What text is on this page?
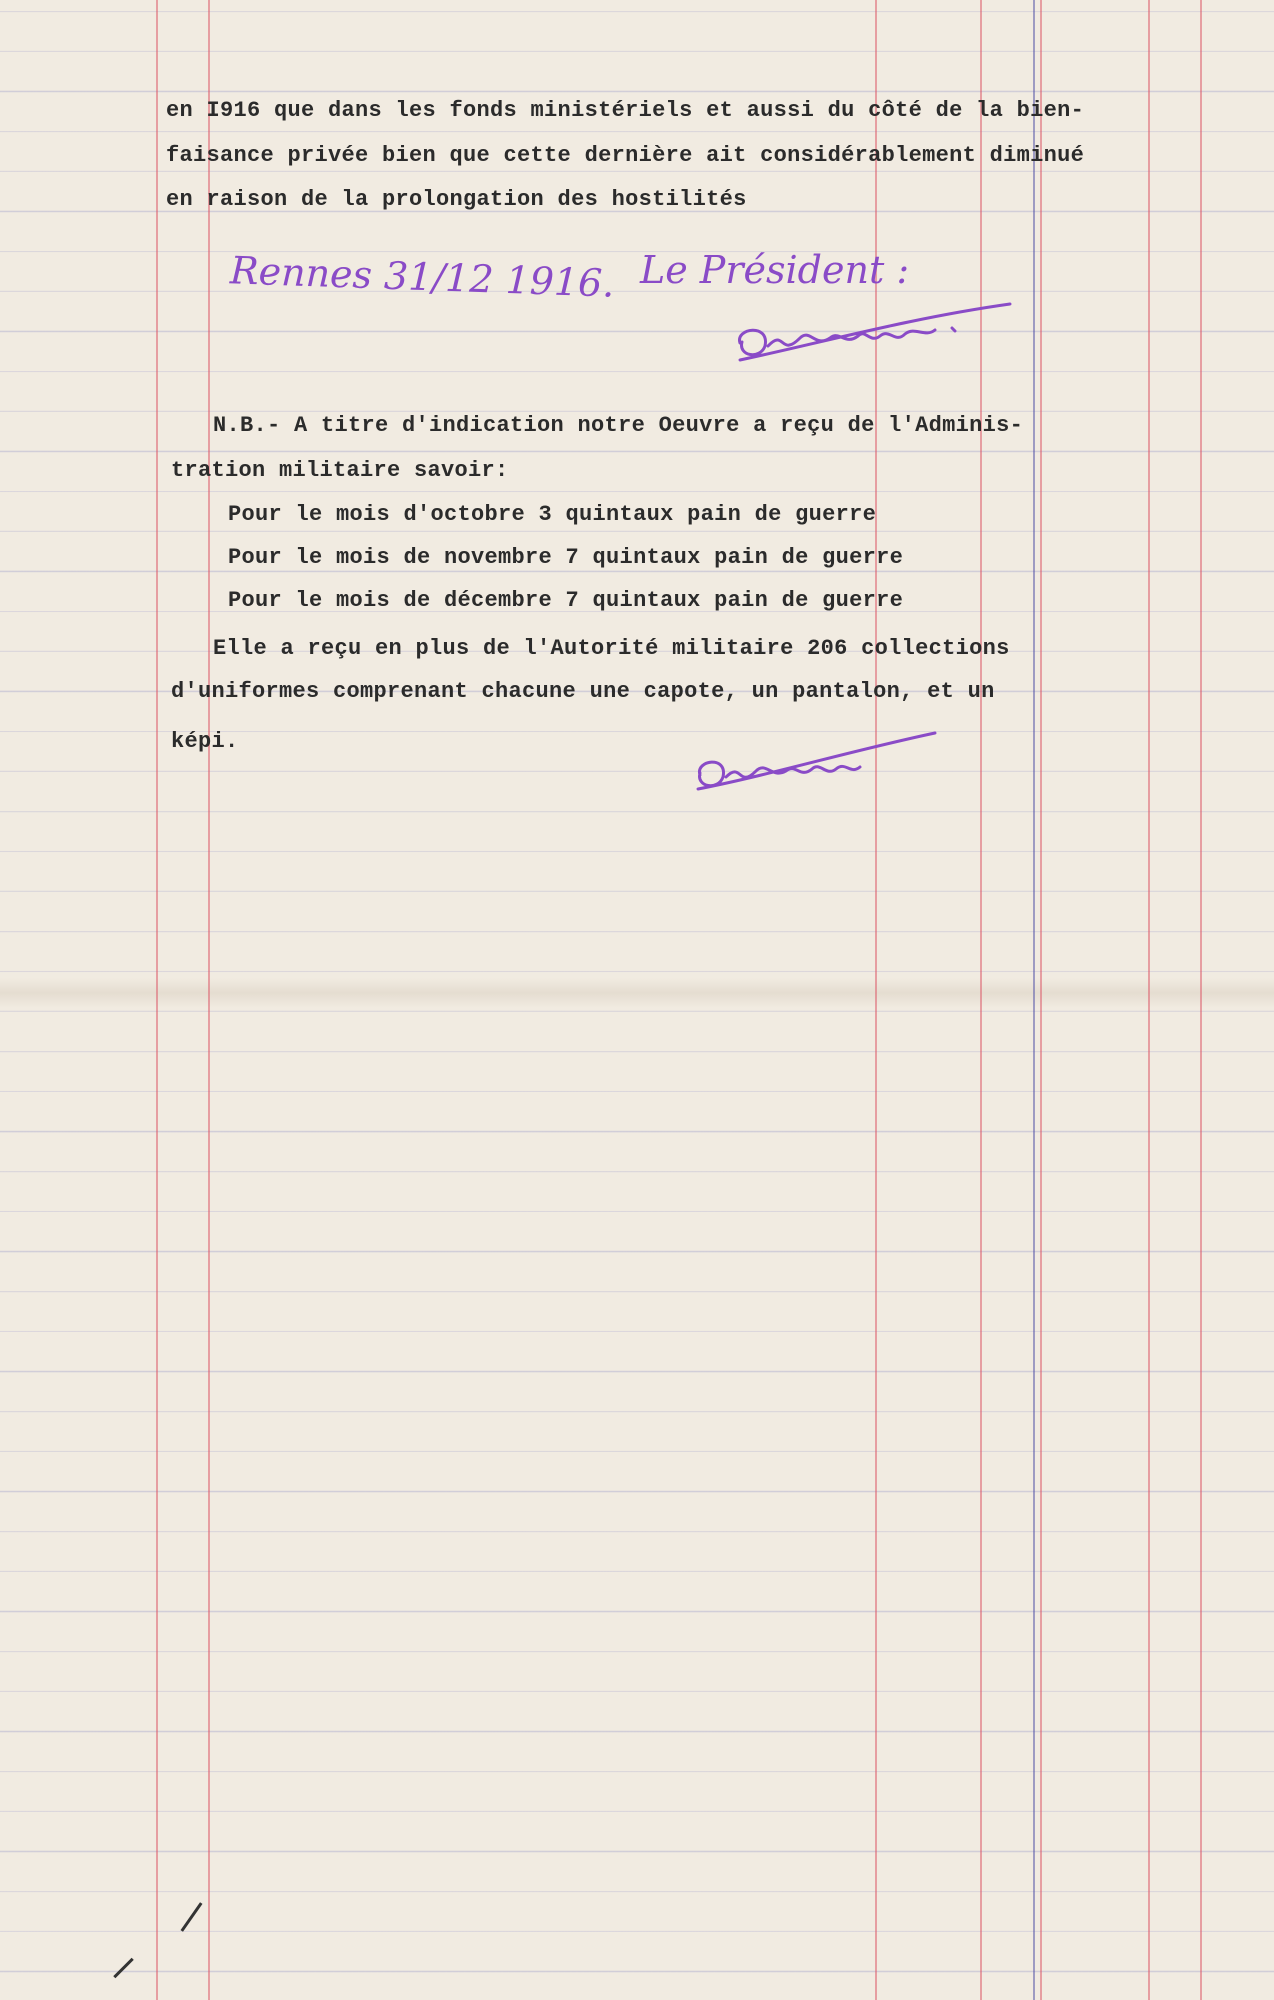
en I916 que dans les fonds ministériels et aussi du côté de la bien-
faisance privée bien que cette dernière ait considérablement diminué
en raison de la prolongation des hostilités
Rennes 31/12 1916. Le Président :
N.B.- A titre d'indication notre Oeuvre a reçu de l'Adminis-
tration militaire savoir:
Pour le mois d'octobre 3 quintaux pain de guerre
Pour le mois de novembre 7 quintaux pain de guerre
Pour le mois de décembre 7 quintaux pain de guerre
Elle a reçu en plus de l'Autorité militaire 206 collections
d'uniformes comprenant chacune une capote, un pantalon, et un
képi.
